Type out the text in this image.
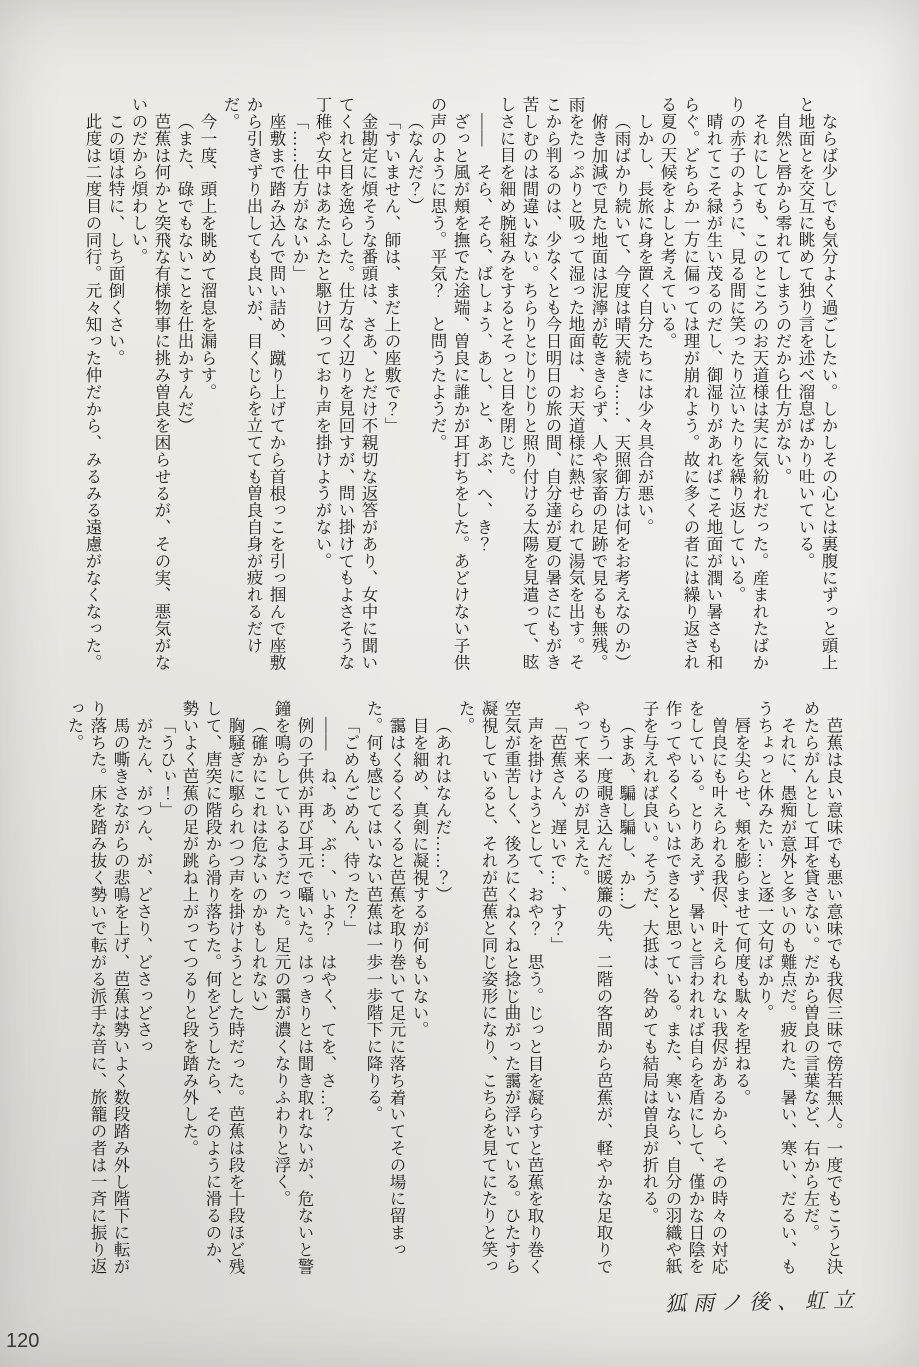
ならば少しでも気分よく過ごしたい。しかしその心とは裏腹にずっと頭上と地面とを交互に眺めて独り言を述べ溜息ばかり吐いている。

自然と唇から零れてしまうのだから仕方がない。

それにしても、このところのお天道様は実に気紛れだった。産まれたばかりの赤子のように、見る間に笑ったり泣いたりを繰り返している。

晴れてこそ緑が生い茂るのだし、御湿りがあればこそ地面が潤い暑さも和らぐ。どちらか一方に偏っては理が崩れよう。故に多くの者には繰り返される夏の天候をよしと考えている。

しかし、長旅に身を置く自分たちには少々具合が悪い。

（雨ばかり続いて、今度は晴天続き……、天照御方は何をお考えなのか）

俯き加減で見た地面は泥濘が乾ききらず、人や家畜の足跡で見るも無残。雨をたっぷりと吸って湿った地面は、お天道様に熱せられて湯気を出す。そこから判るのは、少なくとも今日明日の旅の間、自分達が夏の暑さにもがき苦しむのは間違いない。ちらりとじりじりと照り付ける太陽を見遣って、眩しさに目を細め腕組みをするとそっと目を閉じた。

――　そら、そら、ばしょう、あし、と、あぶ、へ、き？

ざっと風が頬を撫でた途端、曽良に誰かが耳打ちをした。あどけない子供の声のように思う。平気？　と問うたようだ。

（なんだ？）

「すいません、師は、まだ上の座敷で？」

金勘定に煩そうな番頭は、さあ、とだけ不親切な返答があり、女中に聞いてくれと目を逸らした。仕方なく辺りを見回すが、問い掛けてもよさそうな丁稚や女中はあたふたと駆け回っており声を掛けようがない。

「……仕方がないか」

座敷まで踏み込んで問い詰め、蹴り上げてから首根っこを引っ掴んで座敷から引きずり出しても良いが、目くじらを立てても曽良自身が疲れるだけだ。

今一度、頭上を眺めて溜息を漏らす。

（また、碌でもないことを仕出かすんだ）

芭蕉は何かと突飛な有様物事に挑み曽良を困らせるが、その実、悪気がないのだから煩わしい。

この頃は特に、しち面倒くさい。

此度は二度目の同行。元々知った仲だから、みるみる遠慮がなくなった。

芭蕉は良い意味でも悪い意味でも我侭三昧で傍若無人。一度でもこうと決めたらがんとして耳を貸さない。だから曽良の言葉など、右から左だ。

それに、愚痴が意外と多いのも難点だ。疲れた、暑い、寒い、だるい、もうちょっと休みたい…と逐一文句ばかり。

唇を尖らせ、頬を膨らませて何度も駄々を捏ねる。

曽良にも叶えられる我侭、叶えられない我侭があるから、その時々の対応をしている。とりあえず、暑いと言われれば自らを盾にして、僅かな日陰を作ってやるくらいはできると思っている。また、寒いなら、自分の羽織や紙子を与えれば良い。そうだ、大抵は、咎めても結局は曽良が折れる。

（まあ、騙し騙し、か…）

もう一度覗き込んだ暖簾の先、二階の客間から芭蕉が、軽やかな足取りでやって来るのが見えた。

「芭蕉さん、遅いで…、す？」

声を掛けようとして、おや？　思う。じっと目を凝らすと芭蕉を取り巻く空気が重苦しく、後ろにくねくねと捻じ曲がった靄が浮いている。ひたすら凝視していると、それが芭蕉と同じ姿形になり、こちらを見てにたりと笑った。

（あれはなんだ……？）

目を細め、真剣に凝視するが何もいない。

靄はくるくるくると芭蕉を取り巻いて足元に落ち着いてその場に留まった。何も感じてはいない芭蕉は一歩一歩階下に降りる。

「ごめんごめん、待った？」

――　ね、あ、ぶ…、いよ？　はやく、てを、さ…？

例の子供が再び耳元で囁いた。はっきりとは聞き取れないが、危ないと警鐘を鳴らしているようだった。足元の靄が濃くなりふわりと浮く。

（確かにこれは危ないのかもしれない）

胸騒ぎに駆られつつ声を掛けようとした時だった。芭蕉は段を十段ほど残して、唐突に階段から滑り落ちた。何をどうしたら、そのように滑るのか、勢いよく芭蕉の足が跳ね上がってつるりと段を踏み外した。

「うひぃ！」

がたん、がつん、が、どさり、どさっどさっ

馬の嘶きさながらの悲鳴を上げ、芭蕉は勢いよく数段踏み外し階下に転がり落ちた。床を踏み抜く勢いで転がる派手な音に、旅籠の者は一斉に振り返った。

狐雨ノ後、虹立
120
